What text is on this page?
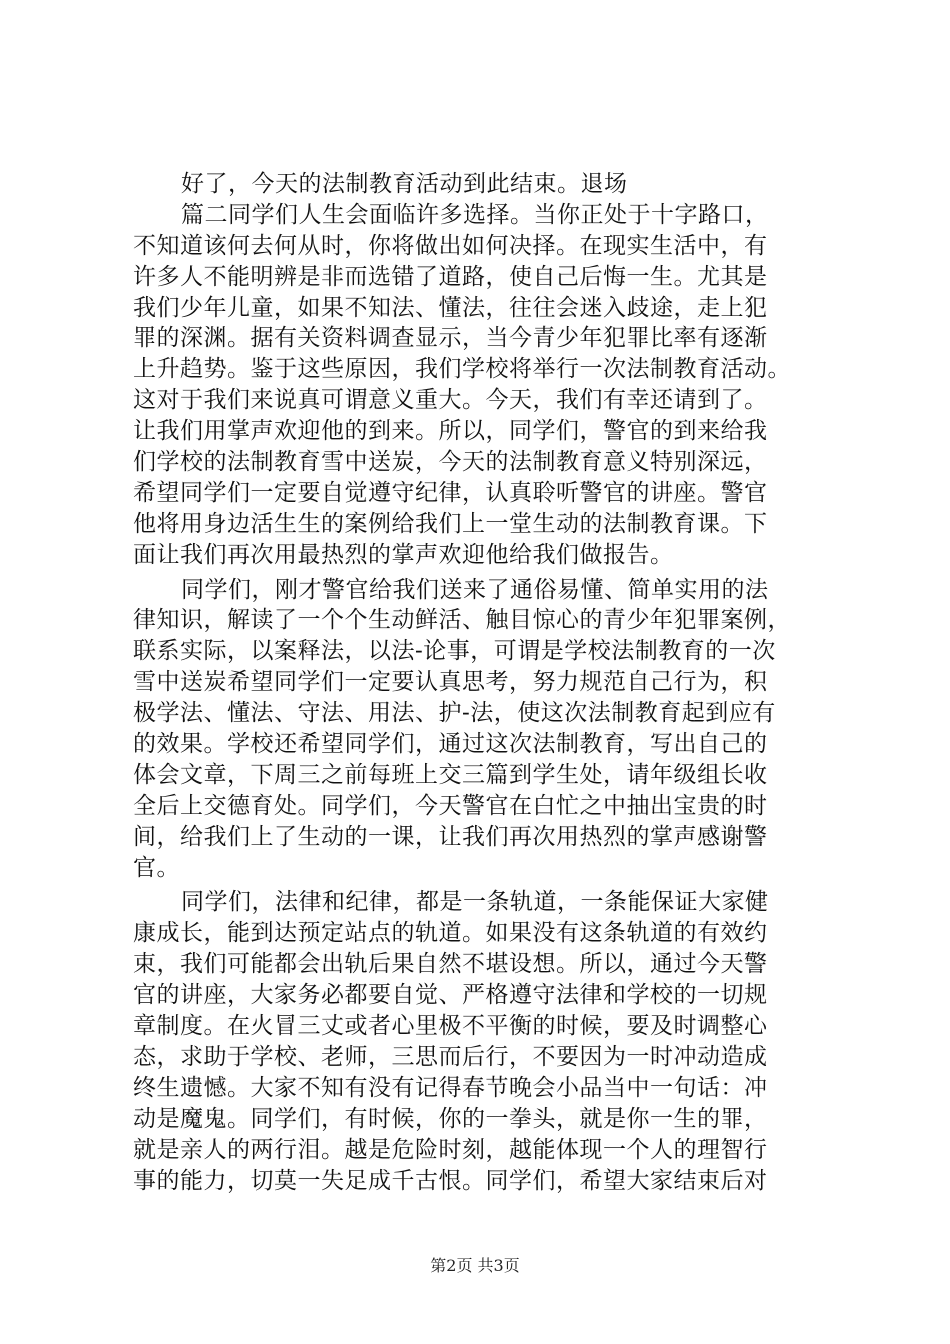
好了，今天的法制教育活动到此结束。退场
篇二同学们人生会面临许多选择。当你正处于十字路口，
不知道该何去何从时，你将做出如何决择。在现实生活中，有
许多人不能明辨是非而选错了道路，使自己后悔一生。尤其是
我们少年儿童，如果不知法、懂法，往往会迷入歧途，走上犯
罪的深渊。据有关资料调查显示，当今青少年犯罪比率有逐渐
上升趋势。鉴于这些原因，我们学校将举行一次法制教育活动。
这对于我们来说真可谓意义重大。今天，我们有幸还请到了。
让我们用掌声欢迎他的到来。所以，同学们，警官的到来给我
们学校的法制教育雪中送炭，今天的法制教育意义特别深远，
希望同学们一定要自觉遵守纪律，认真聆听警官的讲座。警官
他将用身边活生生的案例给我们上一堂生动的法制教育课。下
面让我们再次用最热烈的掌声欢迎他给我们做报告。
同学们，刚才警官给我们送来了通俗易懂、简单实用的法
律知识，解读了一个个生动鲜活、触目惊心的青少年犯罪案例，
联系实际，以案释法，以法-论事，可谓是学校法制教育的一次
雪中送炭希望同学们一定要认真思考，努力规范自己行为，积
极学法、懂法、守法、用法、护-法，使这次法制教育起到应有
的效果。学校还希望同学们，通过这次法制教育，写出自己的
体会文章，下周三之前每班上交三篇到学生处，请年级组长收
全后上交德育处。同学们，今天警官在白忙之中抽出宝贵的时
间，给我们上了生动的一课，让我们再次用热烈的掌声感谢警
官。
同学们，法律和纪律，都是一条轨道，一条能保证大家健
康成长，能到达预定站点的轨道。如果没有这条轨道的有效约
束，我们可能都会出轨后果自然不堪设想。所以，通过今天警
官的讲座，大家务必都要自觉、严格遵守法律和学校的一切规
章制度。在火冒三丈或者心里极不平衡的时候，要及时调整心
态，求助于学校、老师，三思而后行，不要因为一时冲动造成
终生遗憾。大家不知有没有记得春节晚会小品当中一句话：冲
动是魔鬼。同学们，有时候，你的一拳头，就是你一生的罪，
就是亲人的两行泪。越是危险时刻，越能体现一个人的理智行
事的能力，切莫一失足成千古恨。同学们，希望大家结束后对
第2页 共3页
